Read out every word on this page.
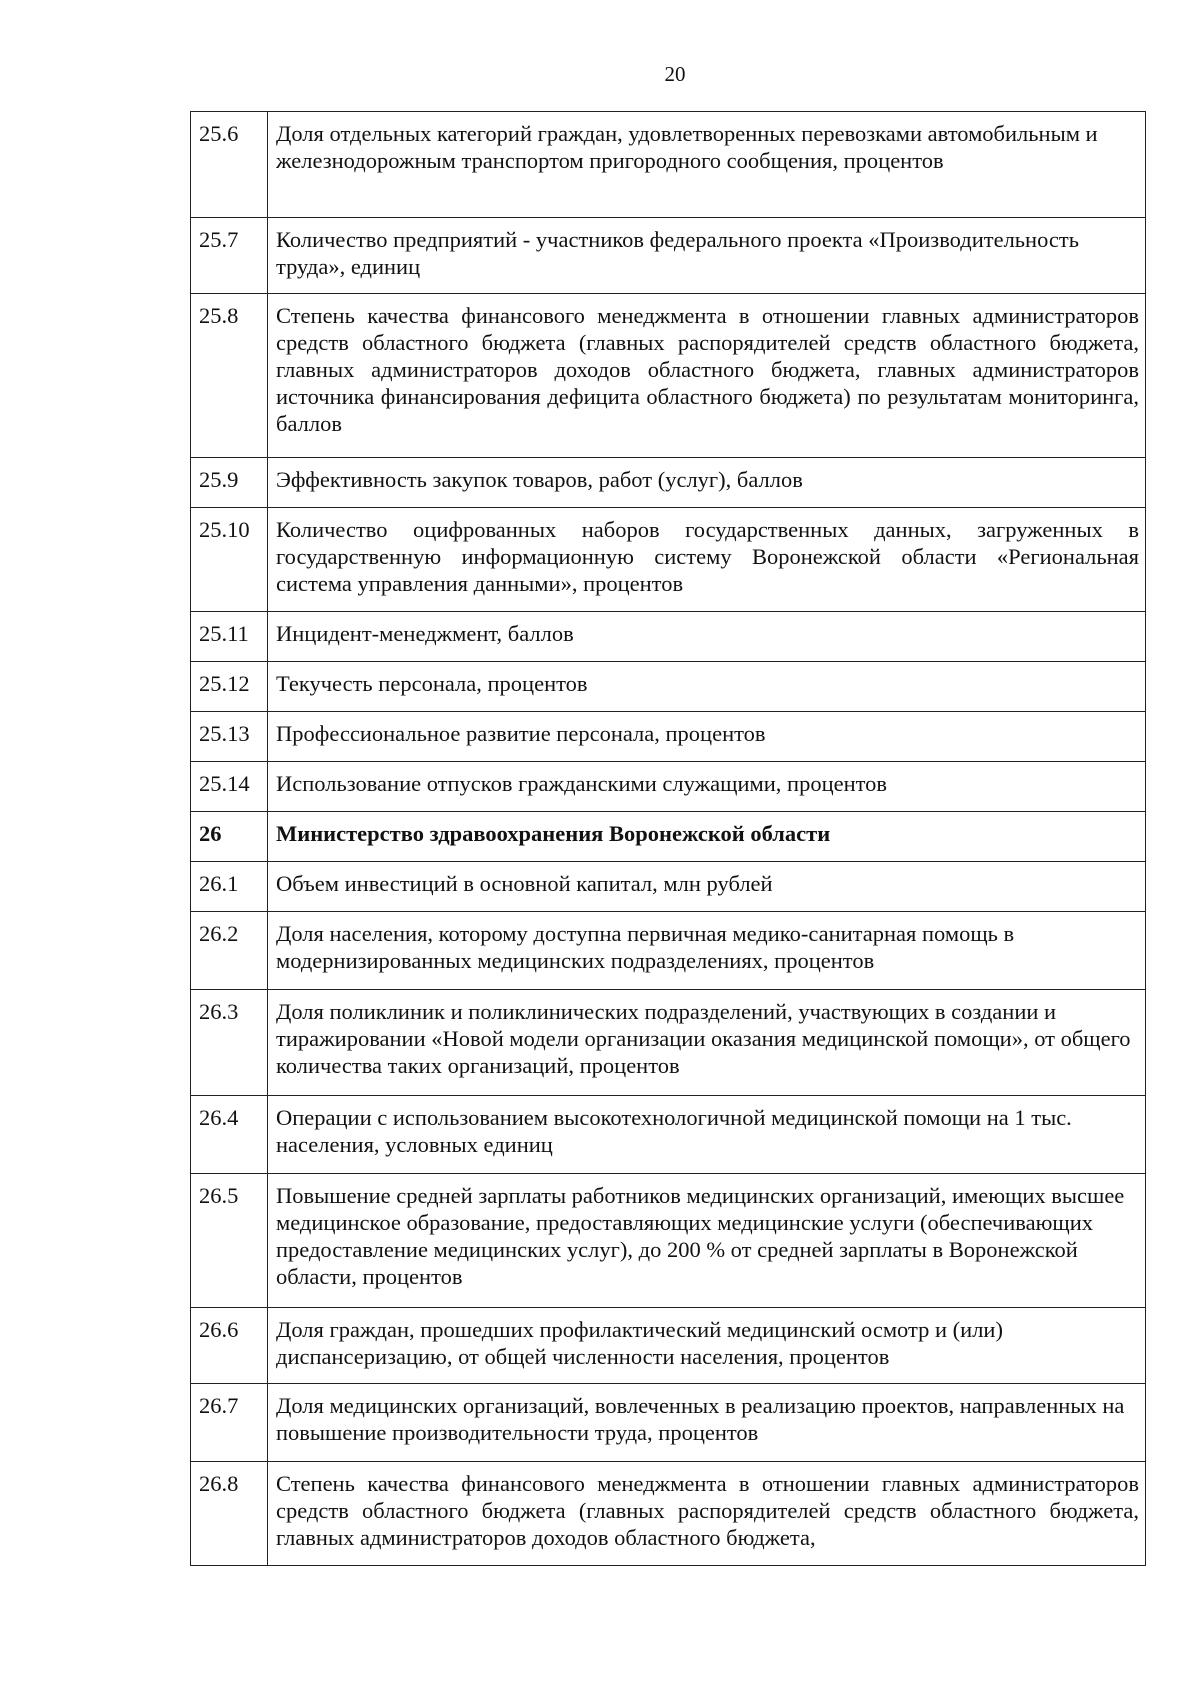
20
25.6	Доля отдельных категорий граждан, удовлетворенных перевозками автомобильным и железнодорожным транспортом пригородного сообщения, процентов
25.7	Количество предприятий - участников федерального проекта «Производительность труда», единиц
25.8	Степень качества финансового менеджмента в отношении главных администраторов средств областного бюджета (главных распорядителей средств областного бюджета, главных администраторов доходов областного бюджета, главных администраторов источника финансирования дефицита областного бюджета) по результатам мониторинга, баллов
25.9	Эффективность закупок товаров, работ (услуг), баллов
25.10	Количество оцифрованных наборов государственных данных, загруженных в государственную информационную систему Воронежской области «Региональная система управления данными», процентов
25.11	Инцидент-менеджмент, баллов
25.12	Текучесть персонала, процентов
25.13	Профессиональное развитие персонала, процентов
25.14	Использование отпусков гражданскими служащими, процентов
26	Министерство здравоохранения Воронежской области
26.1	Объем инвестиций в основной капитал, млн рублей
26.2	Доля населения, которому доступна первичная медико-санитарная помощь в модернизированных медицинских подразделениях, процентов
26.3	Доля поликлиник и поликлинических подразделений, участвующих в создании и тиражировании «Новой модели организации оказания медицинской помощи», от общего количества таких организаций, процентов
26.4	Операции с использованием высокотехнологичной медицинской помощи на 1 тыс. населения, условных единиц
26.5	Повышение средней зарплаты работников медицинских организаций, имеющих высшее медицинское образование, предоставляющих медицинские услуги (обеспечивающих предоставление медицинских услуг), до 200 % от средней зарплаты в Воронежской области, процентов
26.6	Доля граждан, прошедших профилактический медицинский осмотр и (или) диспансеризацию, от общей численности населения, процентов
26.7	Доля медицинских организаций, вовлеченных в реализацию проектов, направленных на повышение производительности труда, процентов
26.8	Степень качества финансового менеджмента в отношении главных администраторов средств областного бюджета (главных распорядителей средств областного бюджета, главных администраторов доходов областного бюджета,
